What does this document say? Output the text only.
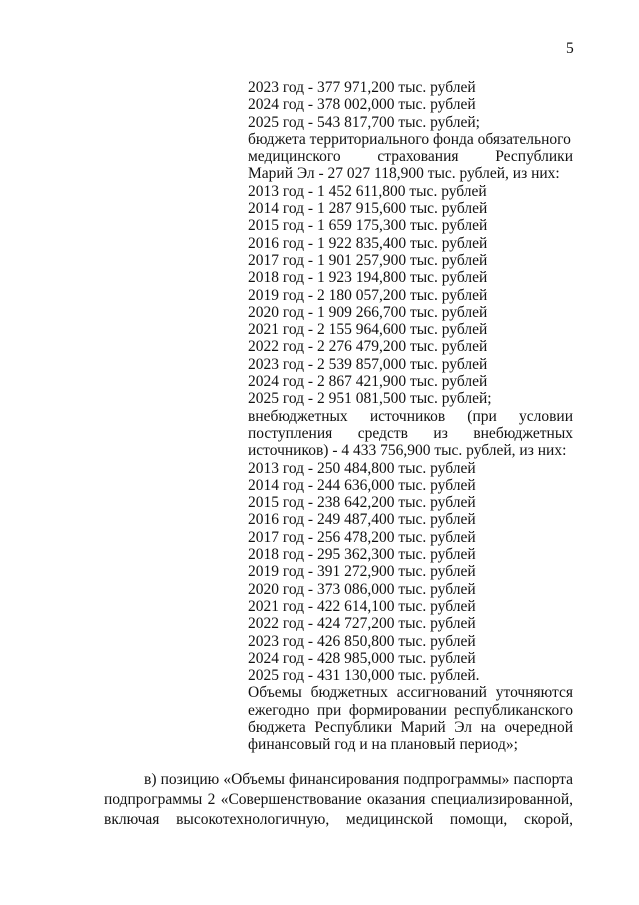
5
2023 год - 377 971,200 тыс. рублей
2024 год - 378 002,000 тыс. рублей
2025 год - 543 817,700 тыс. рублей;
бюджета территориального фонда обязательного
медицинского страхования Республики
Марий Эл - 27 027 118,900 тыс. рублей, из них:
2013 год - 1 452 611,800 тыс. рублей
2014 год - 1 287 915,600 тыс. рублей
2015 год - 1 659 175,300 тыс. рублей
2016 год - 1 922 835,400 тыс. рублей
2017 год - 1 901 257,900 тыс. рублей
2018 год - 1 923 194,800 тыс. рублей
2019 год - 2 180 057,200 тыс. рублей
2020 год - 1 909 266,700 тыс. рублей
2021 год - 2 155 964,600 тыс. рублей
2022 год - 2 276 479,200 тыс. рублей
2023 год - 2 539 857,000 тыс. рублей
2024 год - 2 867 421,900 тыс. рублей
2025 год - 2 951 081,500 тыс. рублей;
внебюджетных источников (при условии
поступления средств из внебюджетных
источников) - 4 433 756,900 тыс. рублей, из них:
2013 год - 250 484,800 тыс. рублей
2014 год - 244 636,000 тыс. рублей
2015 год - 238 642,200 тыс. рублей
2016 год - 249 487,400 тыс. рублей
2017 год - 256 478,200 тыс. рублей
2018 год - 295 362,300 тыс. рублей
2019 год - 391 272,900 тыс. рублей
2020 год - 373 086,000 тыс. рублей
2021 год - 422 614,100 тыс. рублей
2022 год - 424 727,200 тыс. рублей
2023 год - 426 850,800 тыс. рублей
2024 год - 428 985,000 тыс. рублей
2025 год - 431 130,000 тыс. рублей.
Объемы бюджетных ассигнований уточняются
ежегодно при формировании республиканского
бюджета Республики Марий Эл на очередной
финансовый год и на плановый период»;
в) позицию «Объемы финансирования подпрограммы» паспорта
подпрограммы 2 «Совершенствование оказания специализированной,
включая высокотехнологичную, медицинской помощи, скорой,
